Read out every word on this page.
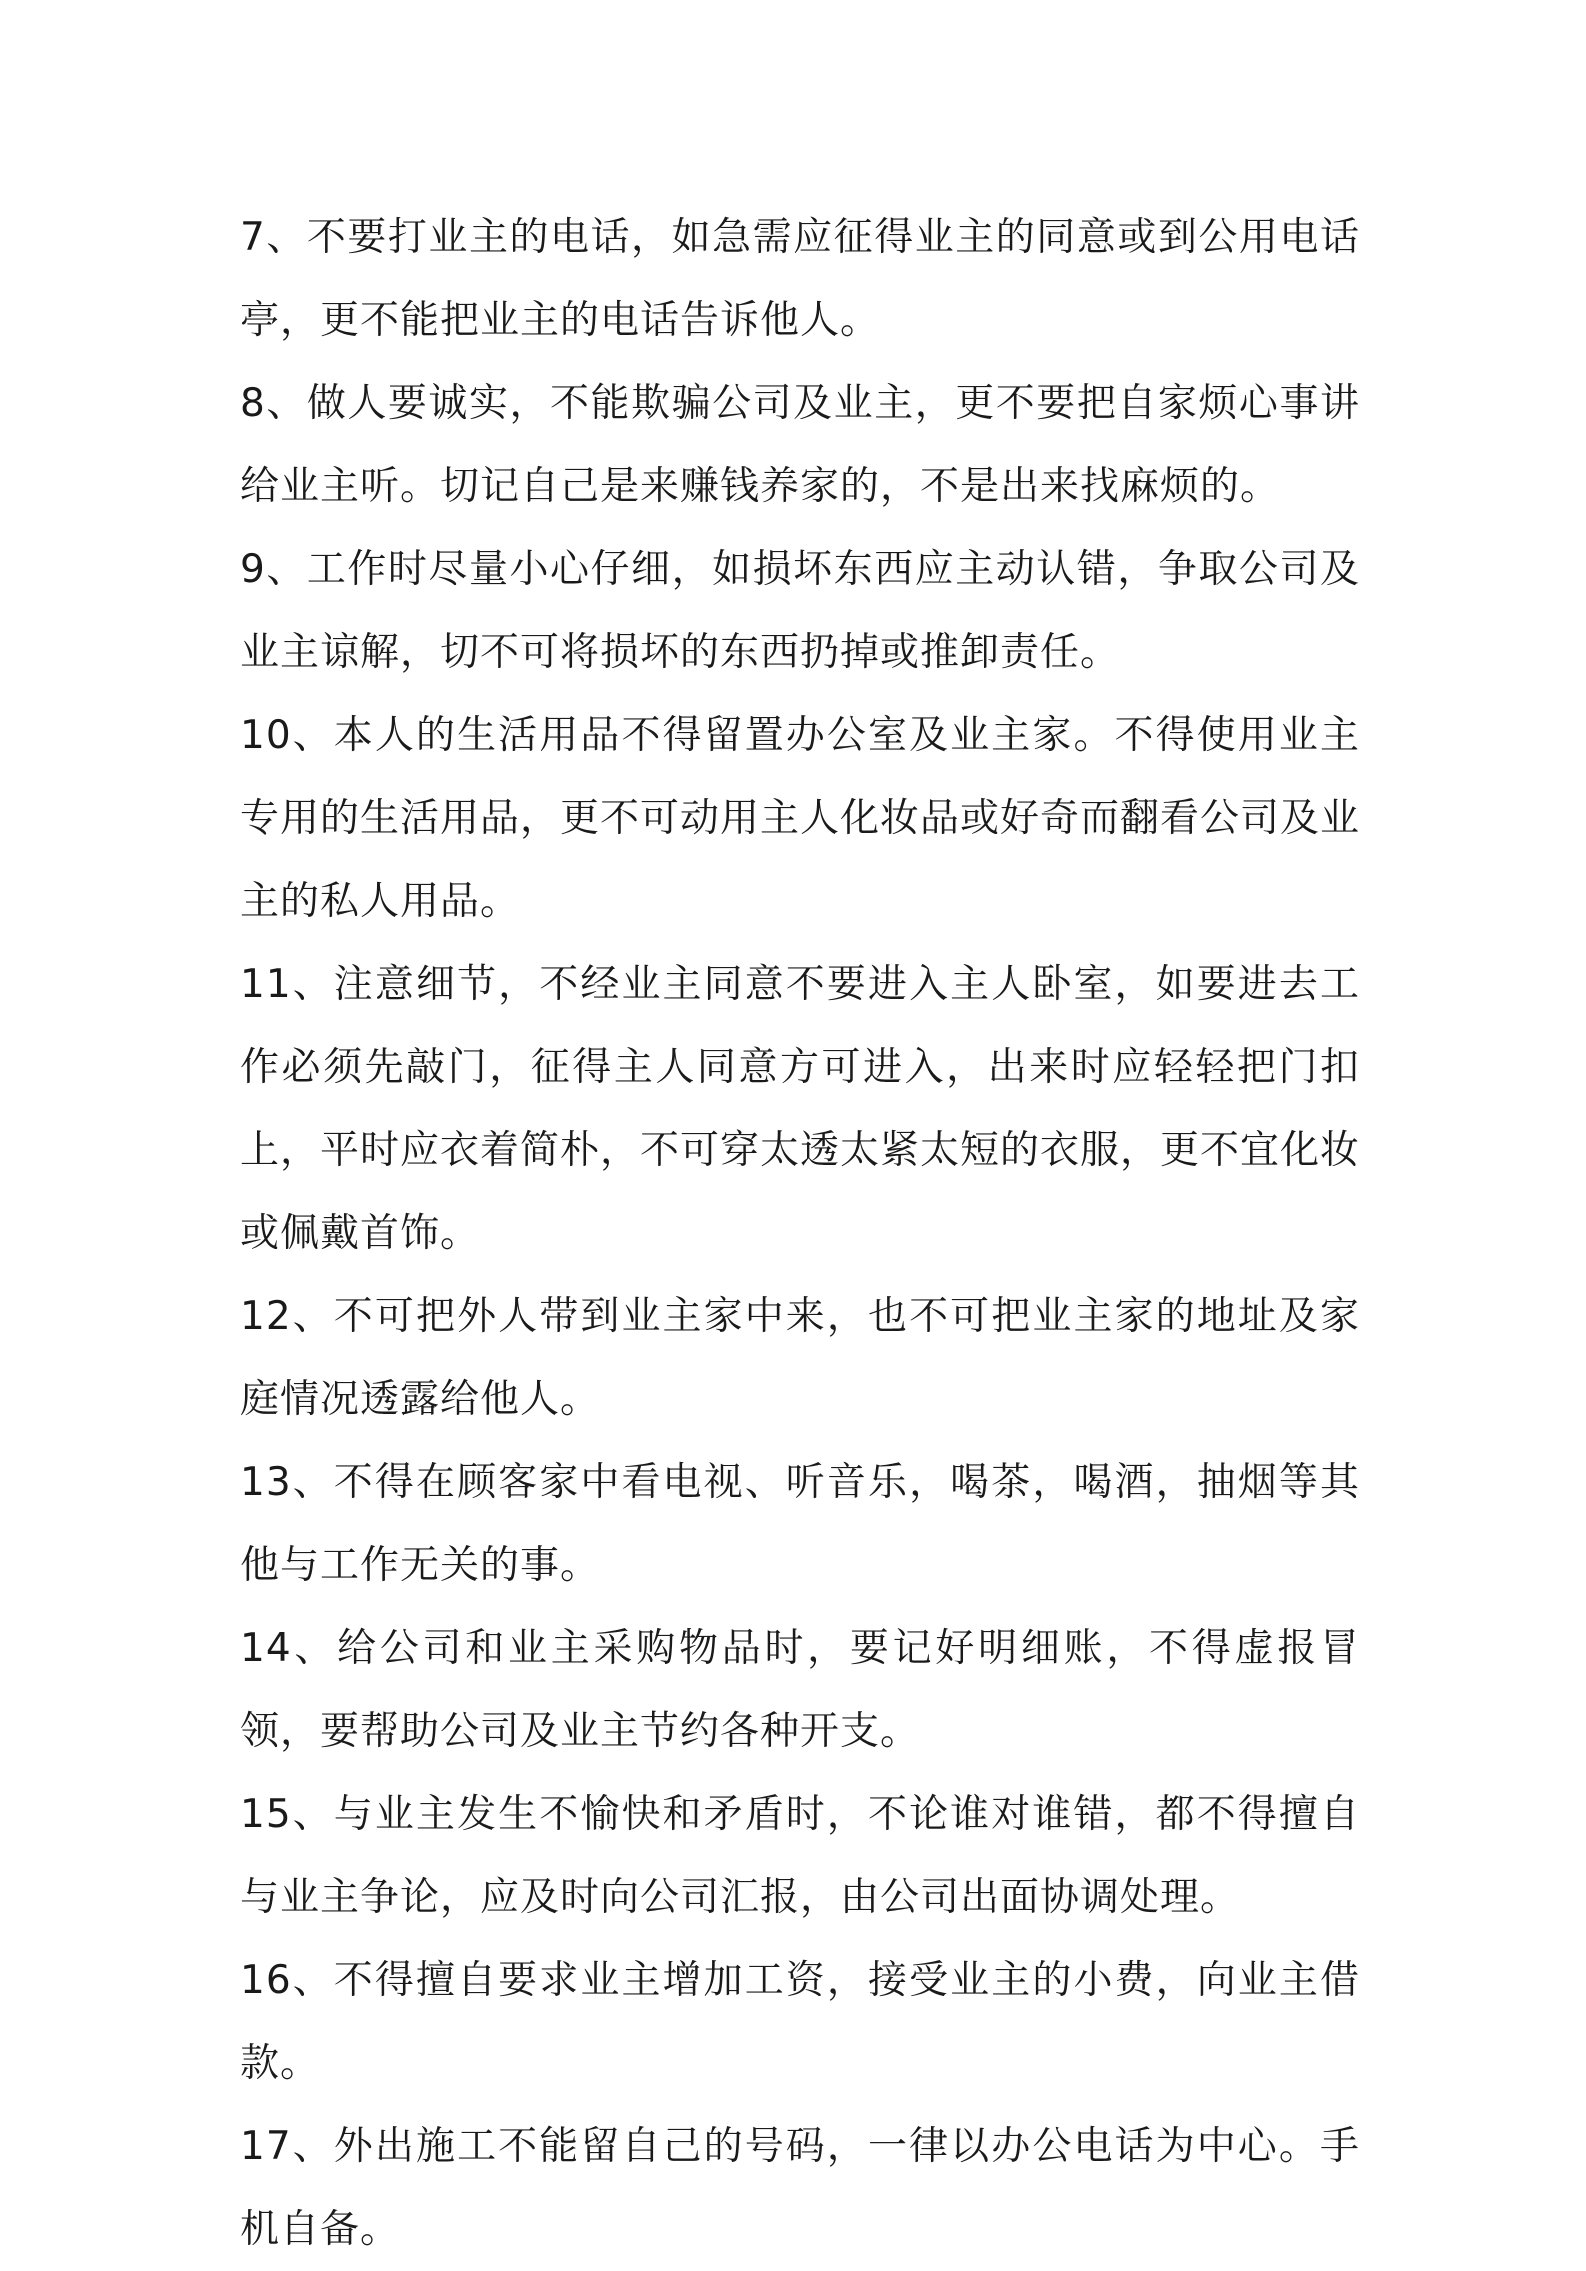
7、不要打业主的电话，如急需应征得业主的同意或到公用电话亭，更不能把业主的电话告诉他人。

8、做人要诚实，不能欺骗公司及业主，更不要把自家烦心事讲给业主听。切记自己是来赚钱养家的，不是出来找麻烦的。

9、工作时尽量小心仔细，如损坏东西应主动认错，争取公司及业主谅解，切不可将损坏的东西扔掉或推卸责任。

10、本人的生活用品不得留置办公室及业主家。不得使用业主专用的生活用品，更不可动用主人化妆品或好奇而翻看公司及业主的私人用品。

11、注意细节，不经业主同意不要进入主人卧室，如要进去工作必须先敲门，征得主人同意方可进入，出来时应轻轻把门扣上，平时应衣着简朴，不可穿太透太紧太短的衣服，更不宜化妆或佩戴首饰。

12、不可把外人带到业主家中来，也不可把业主家的地址及家庭情况透露给他人。

13、不得在顾客家中看电视、听音乐，喝茶，喝酒，抽烟等其他与工作无关的事。

14、给公司和业主采购物品时，要记好明细账，不得虚报冒领，要帮助公司及业主节约各种开支。

15、与业主发生不愉快和矛盾时，不论谁对谁错，都不得擅自与业主争论，应及时向公司汇报，由公司出面协调处理。

16、不得擅自要求业主增加工资，接受业主的小费，向业主借款。

17、外出施工不能留自己的号码，一律以办公电话为中心。手机自备。
